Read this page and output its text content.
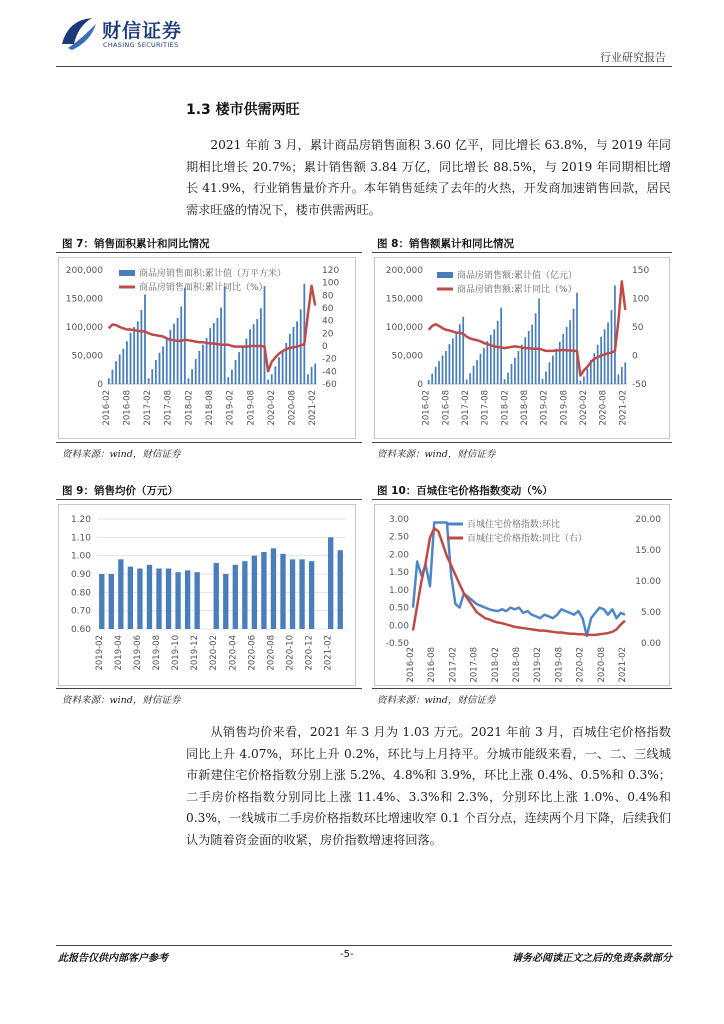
财信证券
CHASING SECURITIES
行业研究报告
1.3 楼市供需两旺
2021 年前 3 月，累计商品房销售面积 3.60 亿平，同比增长 63.8%，与 2019 年同期相比增长 20.7%；累计销售额 3.84 万亿，同比增长 88.5%，与 2019 年同期相比增长 41.9%，行业销售量价齐升。本年销售延续了去年的火热，开发商加速销售回款，居民需求旺盛的情况下，楼市供需两旺。
图 7：销售面积累计和同比情况
0
50,000
100,000
150,000
200,000
-60
-40
-20
0
20
40
60
80
100
120
2016-02 2016-08 2017-02 2017-08 2018-02 2018-08 2019-02 2019-08 2020-02 2020-08 2021-02
商品房销售面积:累计值（万平方米）
商品房销售面积:累计同比（%）
资料来源：wind，财信证券
图 8：销售额累计和同比情况
0
50,000
100,000
150,000
200,000
-50
0
50
100
150
2016-02 2016-08 2017-02 2017-08 2018-02 2018-08 2019-02 2019-08 2020-02 2020-08 2021-02
商品房销售额:累计值（亿元）
商品房销售额:累计同比（%）
资料来源：wind，财信证券
图 9：销售均价（万元）
0.60
0.70
0.80
0.90
1.00
1.10
1.20
2019-02 2019-04 2019-06 2019-08 2019-10 2019-12 2020-02 2020-04 2020-06 2020-08 2020-10 2020-12 2021-02
资料来源：wind，财信证券
图 10：百城住宅价格指数变动（%）
-0.50
0.00
0.50
1.00
1.50
2.00
2.50
3.00
0.00
5.00
10.00
15.00
20.00
2016-02 2016-08 2017-02 2017-08 2018-02 2018-08 2019-02 2019-08 2020-02 2020-08 2021-02
百城住宅价格指数:环比
百城住宅价格指数:同比（右）
资料来源：wind，财信证券
从销售均价来看，2021 年 3 月为 1.03 万元。2021 年前 3 月，百城住宅价格指数同比上升 4.07%，环比上升 0.2%，环比与上月持平。分城市能级来看，一、二、三线城市新建住宅价格指数分别上涨 5.2%、4.8%和 3.9%，环比上涨 0.4%、0.5%和 0.3%；二手房价格指数分别同比上涨 11.4%、3.3%和 2.3%，分别环比上涨 1.0%、0.4%和 0.3%，一线城市二手房价格指数环比增速收窄 0.1 个百分点，连续两个月下降，后续我们认为随着资金面的收紧，房价指数增速将回落。
此报告仅供内部客户参考	-5-	请务必阅读正文之后的免责条款部分
